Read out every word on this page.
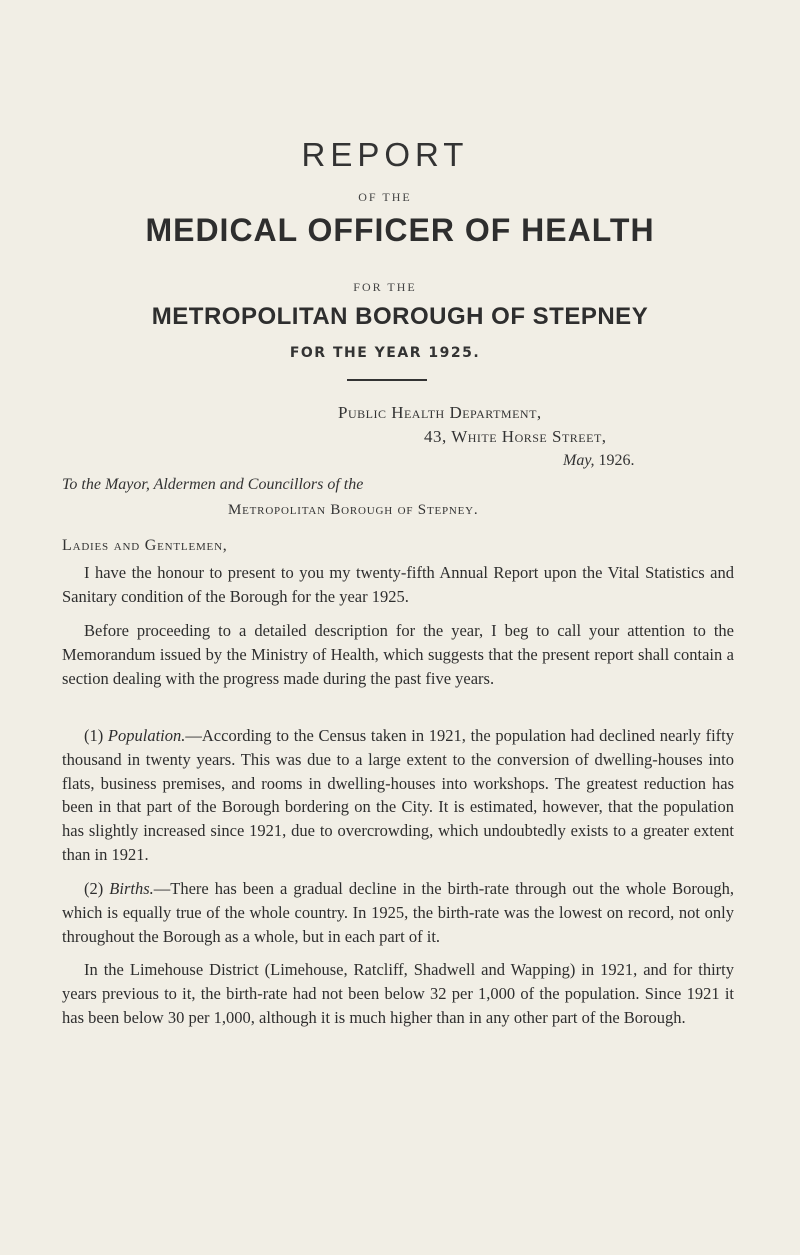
REPORT
OF THE
MEDICAL OFFICER OF HEALTH
FOR THE
METROPOLITAN BOROUGH OF STEPNEY
FOR THE YEAR 1925.
Public Health Department,
43, White Horse Street,
May, 1926.
To the Mayor, Aldermen and Councillors of the
Metropolitan Borough of Stepney.
Ladies and Gentlemen,

I have the honour to present to you my twenty-fifth Annual Report upon the Vital Statistics and Sanitary condition of the Borough for the year 1925.

Before proceeding to a detailed description for the year, I beg to call your attention to the Memorandum issued by the Ministry of Health, which suggests that the present report shall contain a section dealing with the progress made during the past five years.

(1) Population.—According to the Census taken in 1921, the population had declined nearly fifty thousand in twenty years. This was due to a large extent to the conversion of dwelling-houses into flats, business premises, and rooms in dwelling-houses into workshops. The greatest reduction has been in that part of the Borough bordering on the City. It is estimated, however, that the population has slightly increased since 1921, due to overcrowding, which undoubtedly exists to a greater extent than in 1921.

(2) Births.—There has been a gradual decline in the birth-rate through out the whole Borough, which is equally true of the whole country. In 1925, the birth-rate was the lowest on record, not only throughout the Borough as a whole, but in each part of it.

In the Limehouse District (Limehouse, Ratcliff, Shadwell and Wapping) in 1921, and for thirty years previous to it, the birth-rate had not been below 32 per 1,000 of the population. Since 1921 it has been below 30 per 1,000, although it is much higher than in any other part of the Borough.
